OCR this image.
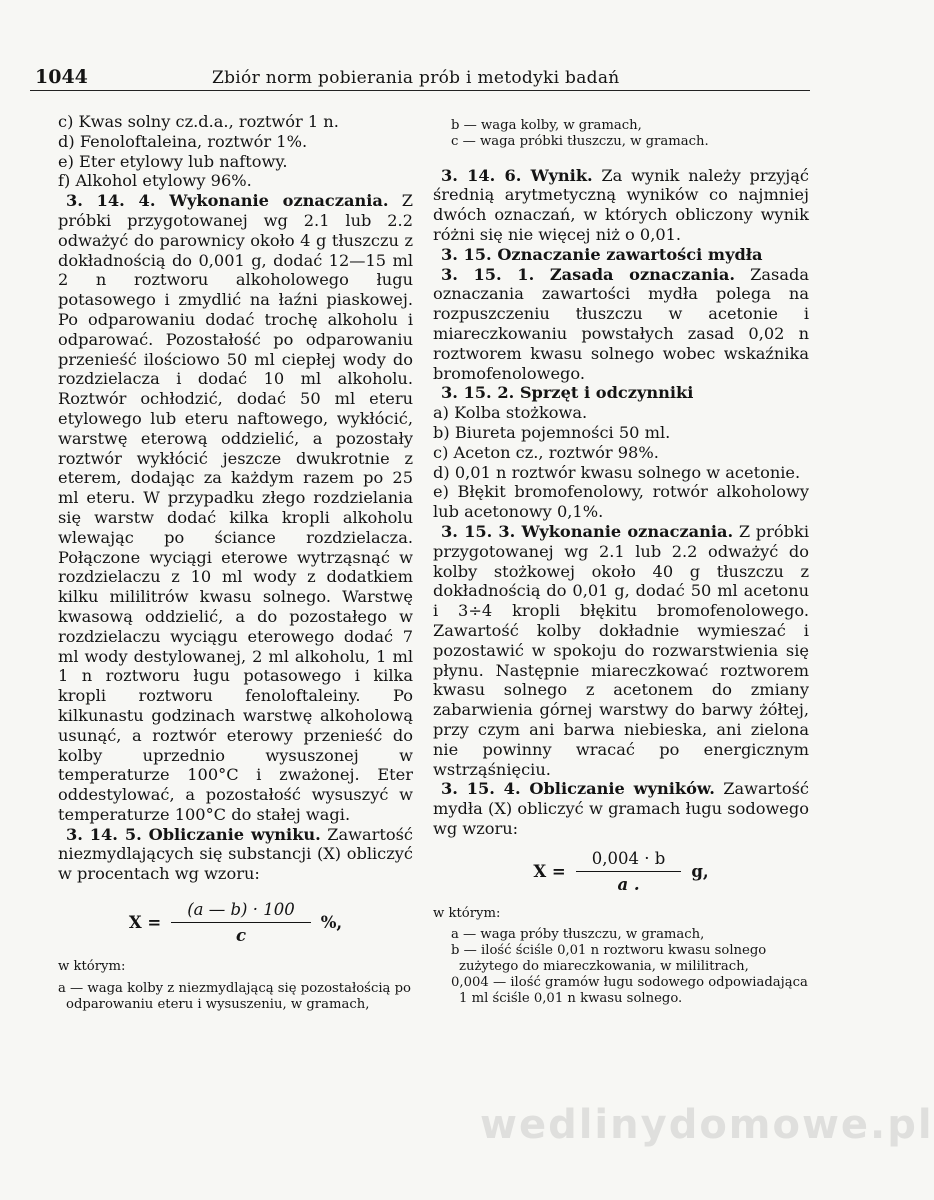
1044	Zbiór norm pobierania prób i metodyki badań

c) Kwas solny cz.d.a., roztwór 1 n.

d) Fenoloftaleina, roztwór 1%.

e) Eter etylowy lub naftowy.

f) Alkohol etylowy 96%.

3. 14. 4. Wykonanie oznaczania. Z próbki przygotowanej wg 2.1 lub 2.2 odważyć do parownicy około 4 g tłuszczu z dokładnością do 0,001 g, dodać 12—15 ml 2 n roztworu alkoholowego ługu potasowego i zmydlić na łaźni piaskowej. Po odparowaniu dodać trochę alkoholu i odparować. Pozostałość po odparowaniu przenieść ilościowo 50 ml ciepłej wody do rozdzielacza i dodać 10 ml alkoholu. Roztwór ochłodzić, dodać 50 ml eteru etylowego lub eteru naftowego, wykłócić, warstwę eterową oddzielić, a pozostały roztwór wykłócić jeszcze dwukrotnie z eterem, dodając za każdym razem po 25 ml eteru. W przypadku złego rozdzielania się warstw dodać kilka kropli alkoholu wlewając po ściance rozdzielacza. Połączone wyciągi eterowe wytrząsnąć w rozdzielaczu z 10 ml wody z dodatkiem kilku mililitrów kwasu solnego. Warstwę kwasową oddzielić, a do pozostałego w rozdzielaczu wyciągu eterowego dodać 7 ml wody destylowanej, 2 ml alkoholu, 1 ml 1 n roztworu ługu potasowego i kilka kropli roztworu fenoloftaleiny. Po kilkunastu godzinach warstwę alkoholową usunąć, a roztwór eterowy przenieść do kolby uprzednio wysuszonej w temperaturze 100°C i zważonej. Eter oddestylować, a pozostałość wysuszyć w temperaturze 100°C do stałej wagi.

3. 14. 5. Obliczanie wyniku. Zawartość niezmydlających się substancji (X) obliczyć w procentach wg wzoru:

$X = \frac{(a — b) \cdot 100}{c}$ %,

w którym:

a — waga kolby z niezmydlającą się pozostałością po odparowaniu eteru i wysuszeniu, w gramach,

b — waga kolby, w gramach,

c — waga próbki tłuszczu, w gramach.

3. 14. 6. Wynik. Za wynik należy przyjąć średnią arytmetyczną wyników co najmniej dwóch oznaczań, w których obliczony wynik różni się nie więcej niż o 0,01.

3. 15. Oznaczanie zawartości mydła

3. 15. 1. Zasada oznaczania. Zasada oznaczania zawartości mydła polega na rozpuszczeniu tłuszczu w acetonie i miareczkowaniu powstałych zasad 0,02 n roztworem kwasu solnego wobec wskaźnika bromofenolowego.

3. 15. 2. Sprzęt i odczynniki

a) Kolba stożkowa.

b) Biureta pojemności 50 ml.

c) Aceton cz., roztwór 98%.

d) 0,01 n roztwór kwasu solnego w acetonie.

e) Błękit bromofenolowy, rotwór alkoholowy lub acetonowy 0,1%.

3. 15. 3. Wykonanie oznaczania. Z próbki przygotowanej wg 2.1 lub 2.2 odważyć do kolby stożkowej około 40 g tłuszczu z dokładnością do 0,01 g, dodać 50 ml acetonu i 3÷4 kropli błękitu bromofenolowego. Zawartość kolby dokładnie wymieszać i pozostawić w spokoju do rozwarstwienia się płynu. Następnie miareczkować roztworem kwasu solnego z acetonem do zmiany zabarwienia górnej warstwy do barwy żółtej, przy czym ani barwa niebieska, ani zielona nie powinny wracać po energicznym wstrząśnięciu.

3. 15. 4. Obliczanie wyników. Zawartość mydła (X) obliczyć w gramach ługu sodowego wg wzoru:

$X = \frac{0,004 \cdot b}{a .} g$,

w którym:

a — waga próby tłuszczu, w gramach,

b — ilość ściśle 0,01 n roztworu kwasu solnego zużytego do miareczkowania, w mililitrach,

0,004 — ilość gramów ługu sodowego odpowiadająca 1 ml ściśle 0,01 n kwasu solnego.

wedlinydomowe.pl
